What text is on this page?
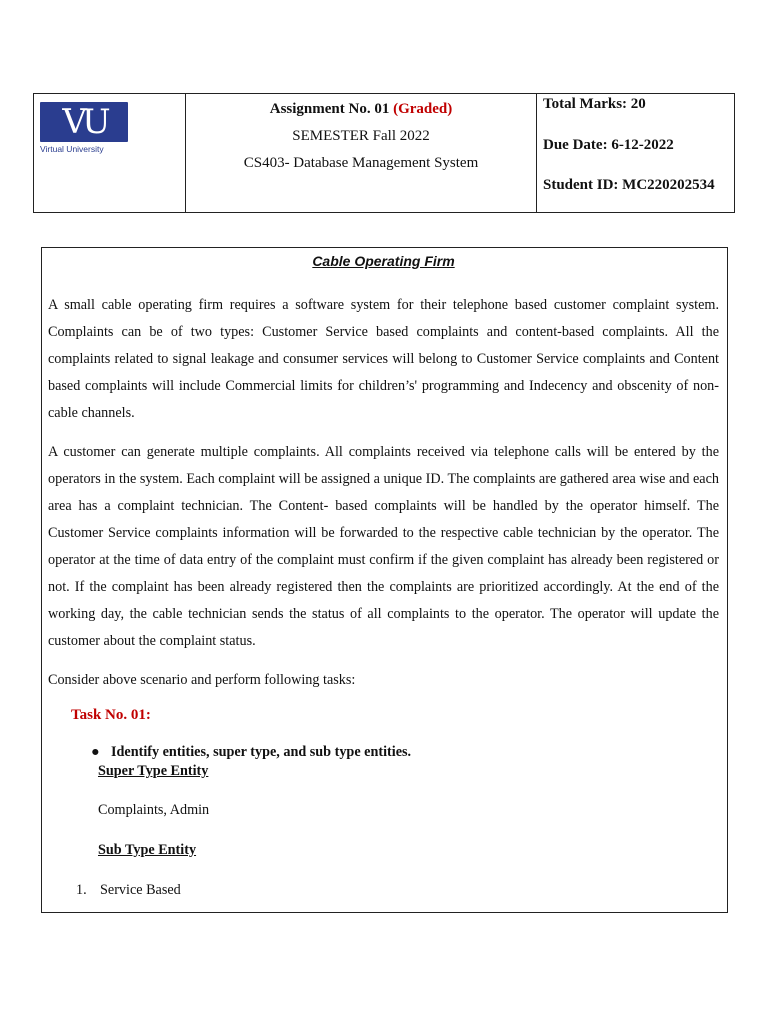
VU
Virtual University
Assignment No. 01 (Graded)
SEMESTER Fall 2022
CS403- Database Management System
Total Marks: 20
Due Date: 6-12-2022
Student ID: MC220202534
Cable Operating Firm

A small cable operating firm requires a software system for their telephone based customer complaint system. Complaints can be of two types: Customer Service based complaints and content-based complaints. All the complaints related to signal leakage and consumer services will belong to Customer Service complaints and Content based complaints will include Commercial limits for children’s' programming and Indecency and obscenity of non-cable channels.

A customer can generate multiple complaints. All complaints received via telephone calls will be entered by the operators in the system. Each complaint will be assigned a unique ID. The complaints are gathered area wise and each area has a complaint technician. The Content- based complaints will be handled by the operator himself. The Customer Service complaints information will be forwarded to the respective cable technician by the operator. The operator at the time of data entry of the complaint must confirm if the given complaint has already been registered or not. If the complaint has been already registered then the complaints are prioritized accordingly. At the end of the working day, the cable technician sends the status of all complaints to the operator. The operator will update the customer about the complaint status.

Consider above scenario and perform following tasks:

Task No. 01:
● Identify entities, super type, and sub type entities.
Super Type Entity
Complaints, Admin
Sub Type Entity
1. Service Based
